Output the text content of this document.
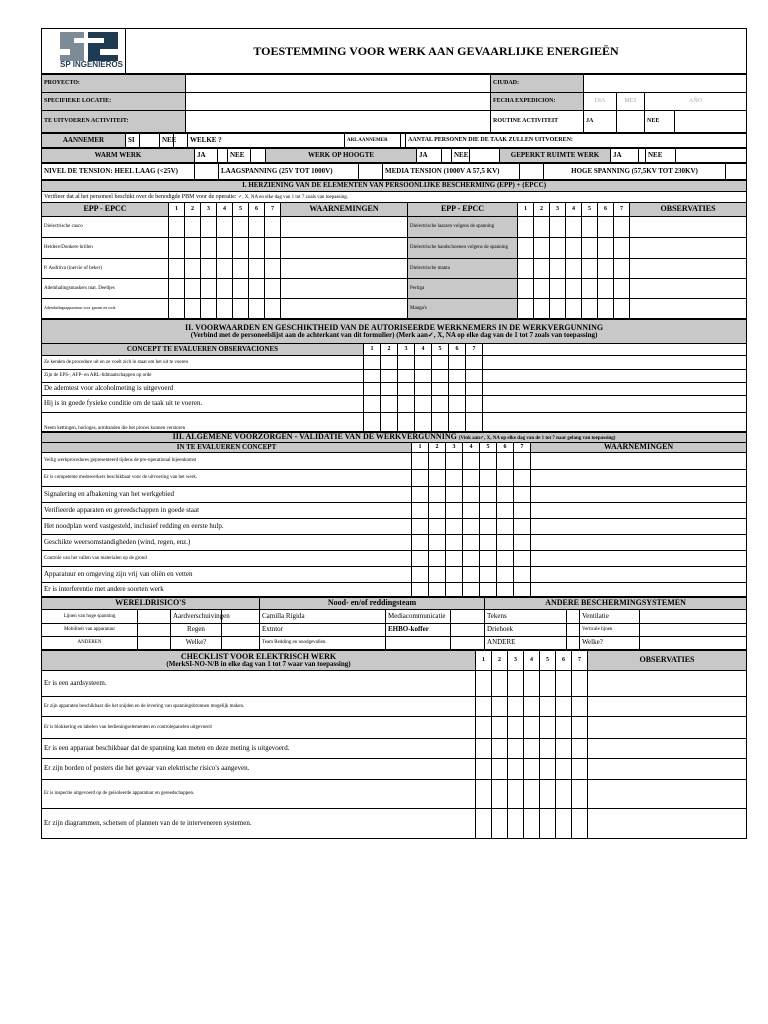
SP INGENIEROS
	TOESTEMMING VOOR WERK AAN GEVAARLIJKE ENERGIEËN
PROYECTO:		CIUDAD:				
SPECIFIEKE LOCATIE:		FECHA EXPEDICION:	DIA	MES	AÑO	
TE UITVOEREN ACTIVITEIT:		ROUTINE ACTIVITEIT	JA		NEE	
AANNEMER	SI		NEE		WELKE ?	ARL AANNEMER		AANTAL PERSONEN DIE DE TAAK ZULLEN UITVOEREN:
WARM WERK	JA		NEE		WERK OP HOOGTE	JA		NEE		GEPERKT RUIMTE WERK	JA		NEE	
NIVEL DE TENSION: HEEL LAAG (<25V)		LAAGSPANNING (25V TOT 1000V)		MEDIA TENSION (1000V A 57,5 KV)		HOGE SPANNING (57,5KV TOT 230KV)	
I. HERZIENING VAN DE ELEMENTEN VAN PERSOONLIJKE BESCHERMING (EPP) + (EPCC)																	
Verifieer dat al het personeel beschikt over de benodigde PBM voor de operatie: ✓, X, NA en elke dag van 1 tot 7 zoals van toepassing.																	
EPP - EPCC	1	2	3	4	5	6	7	WAARNEMINGEN	EPP - EPCC	1	2	3	4	5	6	7	OBSERVATIES
Dielectrische casco									Dielectrische laarzen volgens de spanning								
Heldere/Donkere brillen									Dielectrische handschoenen volgens de spanning								
P. Auditiva (inercie of beker)									Dielectrische manta								
Ademhalingsmaskers mat. Deeltjes									Pertiga								
Ademhalingsapparatuur voor gassen en rook									Manga's								
II. VOORWAARDEN EN GESCHIKTHEID VAN DE AUTORISEERDE WERKNEMERS IN DE WERKVERGUNNING
(Verbind met de personeelslijst aan de achterkant van dit formulier) (Merk aan✓, X, NA op elke dag van de 1 tot 7 zoals van toepassing)								

CONCEPT TE EVALUEREN OBSERVACIONES	1	2	3	4	5	6	7	
Ze kenden de procedure uit en ze voelt zich in staat om het uit te voeren								
Zijn de EPS-, AFP- en ARL-lidmaatschappen op orde								
De ademtest voor alcoholmeting is uitgevoerd								
Hij is in goede fysieke conditie om de taak uit te voeren.								
Neem kettingen, horloges, armbanden die het proces kunnen verstoren								
III. ALGEMENE VOORZORGEN - VALIDATIE VAN DE WERKVERGUNNING (Vink aan✓, X, NA op elke dag van de 1 tot 7 naar gelang van toepassing)								
IN TE EVALUEREN CONCEPT	1	2	3	4	5	6	7	WAARNEMINGEN
Veilig werkprocedures gepresenteerd tijdens de pre-operational bijeenkomst								
Er is competente medewerkers beschikbaar voor de uitvoering van het werk.								
Signalering en afbakening van het werkgebied								
Verifieerde apparaten en gereedschappen in goede staat								
Het noodplan werd vastgesteld, inclusief redding en eerste hulp.								
Geschikte weersomstandigheden (wind, regen, enz.)								
Controle van het vallen van materialen op de grond								
Apparatuur en omgeving zijn vrij van oliën en vetten								
Er is interferentie met andere soorten werk								
WERELDRISICO'S				Nood- en/of reddingsteam			ANDERE BESCHERMINGSYSTEMEN			
Lijnen van hoge spanning		Aardverschuivingen		Camilla Rigida	Mediacommunicatie		Tekens		Ventilatie	
Mobiliteit van apparatuur		Regen		Extntor	EHBO-koffer		Driehoek		Verticale lijnen	
ANDEREN		Welke?		Team Redding en noodgevallen.			ANDERE		Welke?	
CHECKLIST VOOR ELEKTRISCH WERK
(MerkSI-NO-N/B in elke dag van 1 tot 7 waar van toepassing)	1	2	3	4	5	6	7	OBSERVATIES
Er is een aardsysteem.								
Er zijn apparaten beschikbaar die het snijden en de levering van spanningsbronnen mogelijk maken.								
Er is blokkering en labelen van bedieningselementen en controlepanelen uitgevoerd								
Er is een apparaat beschikbaar dat de spanning kan meten en deze meting is uitgevoerd.								
Er zijn borden of posters die het gevaar van elektrische risico's aangeven.								
Er is inspectie uitgevoerd op de geïsoleerde apparatuur en gereedschappen.								
Er zijn diagrammen, schetsen of plannen van de te interveneren systemen.								
